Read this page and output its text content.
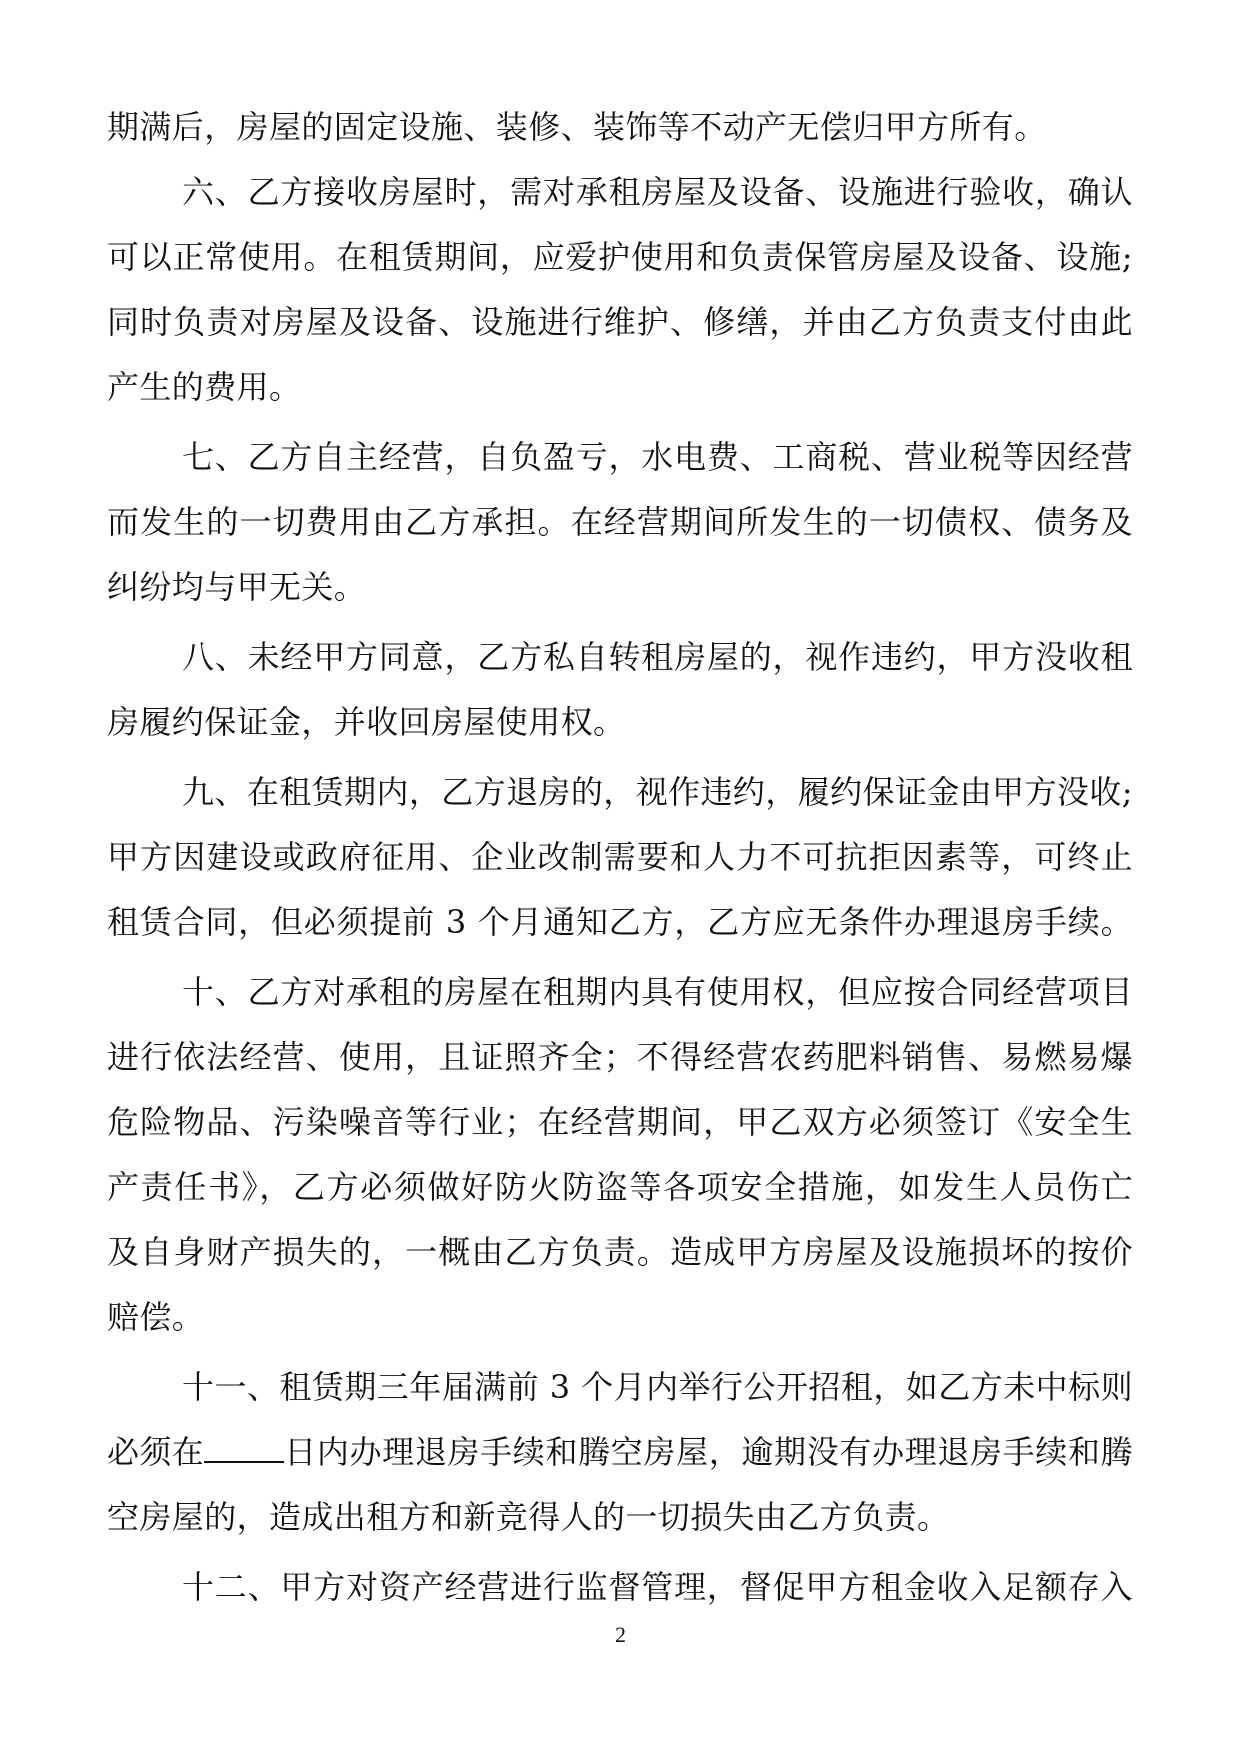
期满后，房屋的固定设施、装修、装饰等不动产无偿归甲方所有。
六、乙方接收房屋时，需对承租房屋及设备、设施进行验收，确认
可以正常使用。在租赁期间，应爱护使用和负责保管房屋及设备、设施;
同时负责对房屋及设备、设施进行维护、修缮，并由乙方负责支付由此
产生的费用。
七、乙方自主经营，自负盈亏，水电费、工商税、营业税等因经营
而发生的一切费用由乙方承担。在经营期间所发生的一切债权、债务及
纠纷均与甲无关。
八、未经甲方同意，乙方私自转租房屋的，视作违约，甲方没收租
房履约保证金，并收回房屋使用权。
九、在租赁期内，乙方退房的，视作违约，履约保证金由甲方没收;
甲方因建设或政府征用、企业改制需要和人力不可抗拒因素等，可终止
租赁合同，但必须提前 3 个月通知乙方，乙方应无条件办理退房手续。
十、乙方对承租的房屋在租期内具有使用权，但应按合同经营项目
进行依法经营、使用，且证照齐全；不得经营农药肥料销售、易燃易爆
危险物品、污染噪音等行业；在经营期间，甲乙双方必须签订《安全生
产责任书》，乙方必须做好防火防盗等各项安全措施，如发生人员伤亡
及自身财产损失的，一概由乙方负责。造成甲方房屋及设施损坏的按价
赔偿。
十一、租赁期三年届满前 3 个月内举行公开招租，如乙方未中标则
必须在	日内办理退房手续和腾空房屋，逾期没有办理退房手续和腾
空房屋的，造成出租方和新竞得人的一切损失由乙方负责。
十二、甲方对资产经营进行监督管理，督促甲方租金收入足额存入
2
